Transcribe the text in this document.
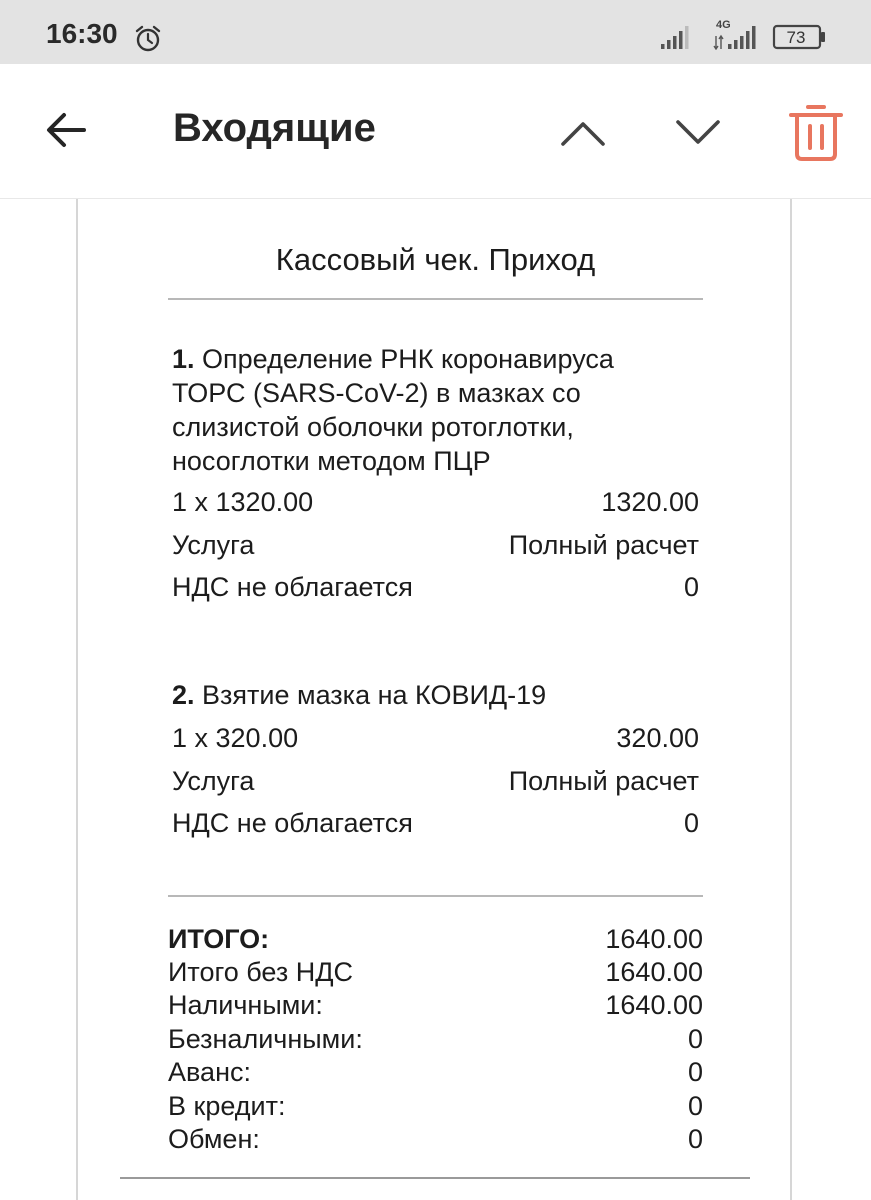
16:30	4G
73
Входящие
Кассовый чек. Приход
1. Определение РНК коронавируса
ТОРС (SARS-CoV-2) в мазках со
слизистой оболочки ротоглотки,
носоглотки методом ПЦР
1 x 1320.00	1320.00
Услуга	Полный расчет
НДС не облагается	0
2. Взятие мазка на КОВИД-19
1 x 320.00	320.00
Услуга	Полный расчет
НДС не облагается	0
ИТОГО:	1640.00
Итого без НДС	1640.00
Наличными:	1640.00
Безналичными:	0
Аванс:	0
В кредит:	0
Обмен:	0
